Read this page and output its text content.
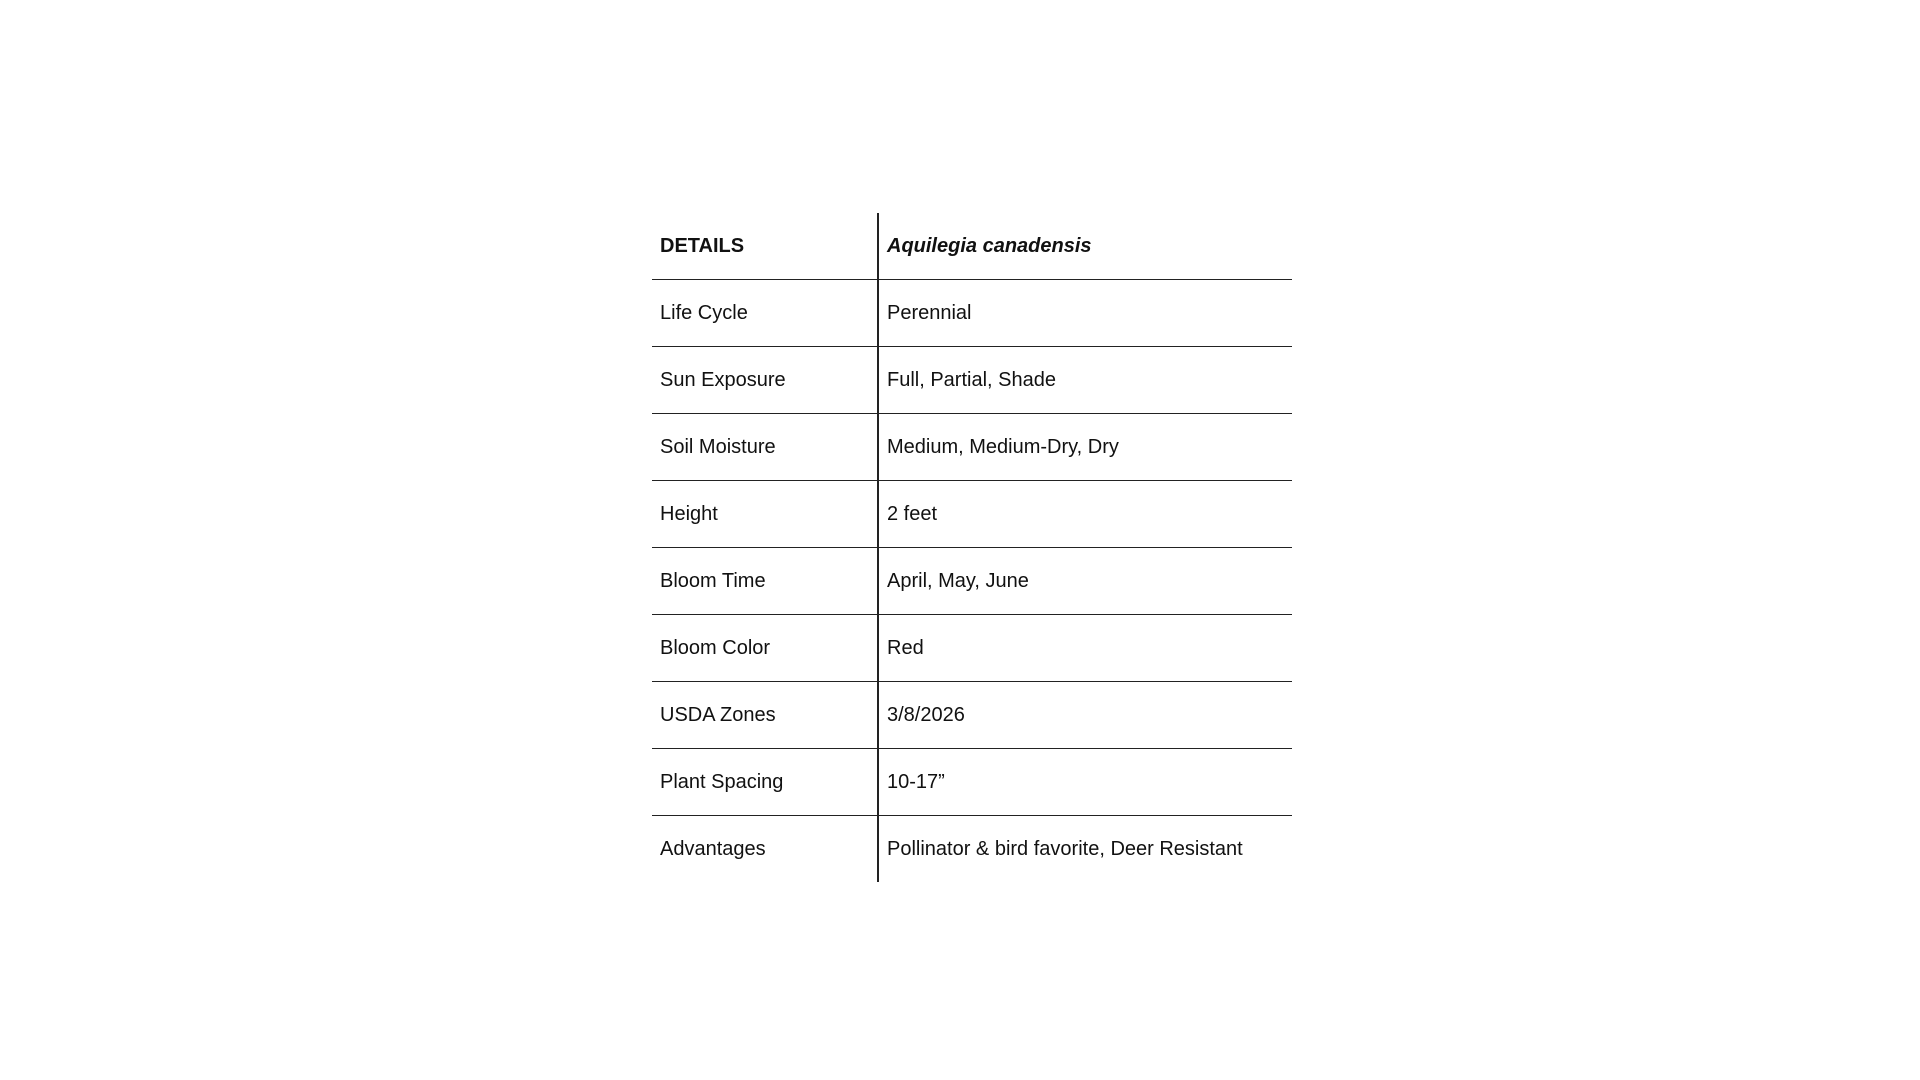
DETAILS	Aquilegia canadensis
Life Cycle	Perennial
Sun Exposure	Full, Partial, Shade
Soil Moisture	Medium, Medium-Dry, Dry
Height	2 feet
Bloom Time	April, May, June
Bloom Color	Red
USDA Zones	3/8/2026
Plant Spacing	10-17”
Advantages	Pollinator & bird favorite, Deer Resistant
